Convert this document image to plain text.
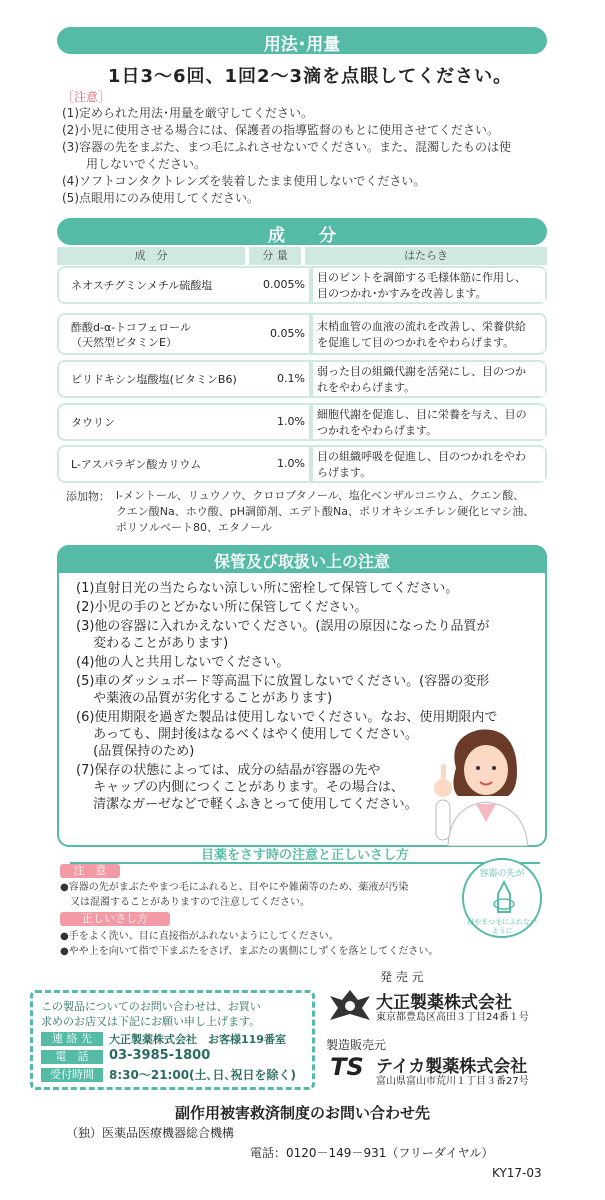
用法･用量
1日3～6回、1回2～3滴を点眼してください。
［注意］
(1)定められた用法･用量を厳守してください。
(2)小児に使用させる場合には、保護者の指導監督のもとに使用させてください。
(3)容器の先をまぶた、まつ毛にふれさせないでください。また、混濁したものは使
　　用しないでください。
(4)ソフトコンタクトレンズを装着したまま使用しないでください。
(5)点眼用にのみ使用してください。
成　　分
成　分	分 量	はたらき
ネオスチグミンメチル硫酸塩	0.005%
目のピントを調節する毛様体筋に作用し、
目のつかれ･かすみを改善します。
酢酸d-α-トコフェロール
（天然型ビタミンE）
0.05%
末梢血管の血液の流れを改善し、栄養供給
を促進して目のつかれをやわらげます。
ピリドキシン塩酸塩(ビタミンB6)	0.1%
弱った目の組織代謝を活発にし、目のつか
れをやわらげます。
タウリン	1.0%
細胞代謝を促進し、目に栄養を与え、目の
つかれをやわらげます。
L-アスパラギン酸カリウム	1.0%
目の組織呼吸を促進し、目のつかれをやわ
らげます。
添加物： l-メントール、リュウノウ、クロロブタノール、塩化ベンザルコニウム、クエン酸、
クエン酸Na、ホウ酸、pH調節剤、エデト酸Na、ポリオキシエチレン硬化ヒマシ油、
ポリソルベート80、エタノール
保管及び取扱い上の注意
(1)直射日光の当たらない涼しい所に密栓して保管してください。
(2)小児の手のとどかない所に保管してください。
(3)他の容器に入れかえないでください。(誤用の原因になったり品質が
　 変わることがあります)
(4)他の人と共用しないでください。
(5)車のダッシュボード等高温下に放置しないでください。(容器の変形
　 や薬液の品質が劣化することがあります)
(6)使用期限を過ぎた製品は使用しないでください。なお、使用期限内で
　 あっても、開封後はなるべくはやく使用してください。
　 (品質保持のため)
(7)保存の状態によっては、成分の結晶が容器の先や
　 キャップの内側につくことがあります。その場合は、
　 清潔なガーゼなどで軽くふきとって使用してください。
目薬をさす時の注意と正しいさし方
注　意
●容器の先がまぶたやまつ毛にふれると、目やにや雑菌等のため、薬液が汚染
　又は混濁することがありますので注意してください。
正しいさし方
●手をよく洗い、目に直接指がふれないようにしてください。
●やや上を向いて指で下まぶたをさげ、まぶたの裏側にしずくを落としてください。
容器の先が
目やまつ毛にふれないように
この製品についてのお問い合わせは、お買い
求めのお店又は下記にお願い申し上げます。
連 絡 先	大正製薬株式会社　お客様119番室
電　話	03-3985-1800
受付時間	8:30～21:00(土､日､祝日を除く)
発 売 元
大正製薬株式会社
東京都豊島区高田３丁目24番１号
製造販売元
TS テイカ製薬株式会社
富山県富山市荒川１丁目３番27号
副作用被害救済制度のお問い合わせ先
（独）医薬品医療機器総合機構
電話：0120－149－931（フリーダイヤル）
KY17-03
